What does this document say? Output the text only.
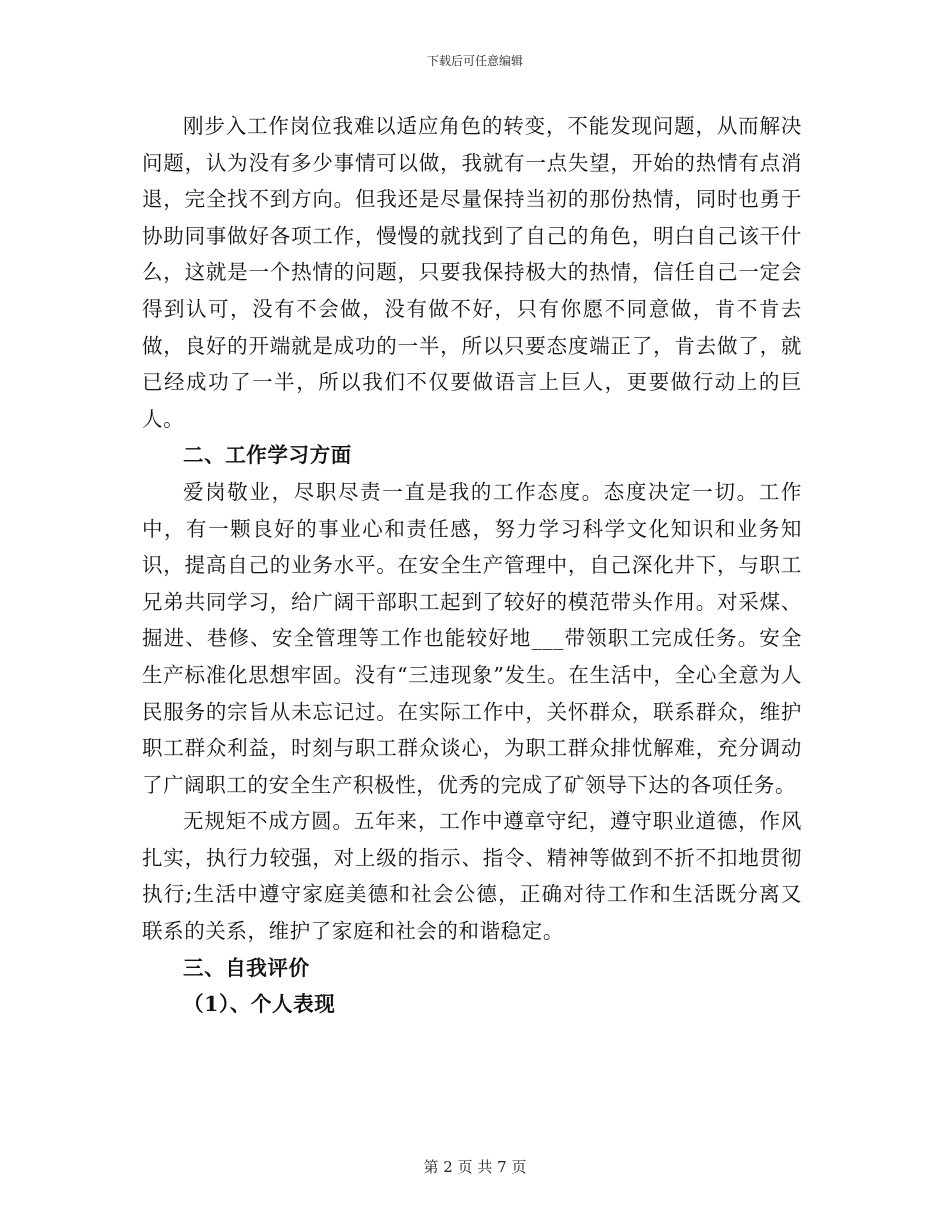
下载后可任意编辑

刚步入工作岗位我难以适应角色的转变，不能发现问题，从而解决问题，认为没有多少事情可以做，我就有一点失望，开始的热情有点消退，完全找不到方向。但我还是尽量保持当初的那份热情，同时也勇于协助同事做好各项工作，慢慢的就找到了自己的角色，明白自己该干什么，这就是一个热情的问题，只要我保持极大的热情，信任自己一定会得到认可，没有不会做，没有做不好，只有你愿不同意做，肯不肯去做，良好的开端就是成功的一半，所以只要态度端正了，肯去做了，就已经成功了一半，所以我们不仅要做语言上巨人，更要做行动上的巨人。

二、工作学习方面

爱岗敬业，尽职尽责一直是我的工作态度。态度决定一切。工作中，有一颗良好的事业心和责任感，努力学习科学文化知识和业务知识，提高自己的业务水平。在安全生产管理中，自己深化井下，与职工兄弟共同学习，给广阔干部职工起到了较好的模范带头作用。对采煤、掘进、巷修、安全管理等工作也能较好地___带领职工完成任务。安全生产标准化思想牢固。没有“三违现象”发生。在生活中，全心全意为人民服务的宗旨从未忘记过。在实际工作中，关怀群众，联系群众，维护职工群众利益，时刻与职工群众谈心，为职工群众排忧解难，充分调动了广阔职工的安全生产积极性，优秀的完成了矿领导下达的各项任务。

无规矩不成方圆。五年来，工作中遵章守纪，遵守职业道德，作风扎实，执行力较强，对上级的指示、指令、精神等做到不折不扣地贯彻执行;生活中遵守家庭美德和社会公德，正确对待工作和生活既分离又联系的关系，维护了家庭和社会的和谐稳定。

三、自我评价
（1）、个人表现
第 2 页 共 7 页
